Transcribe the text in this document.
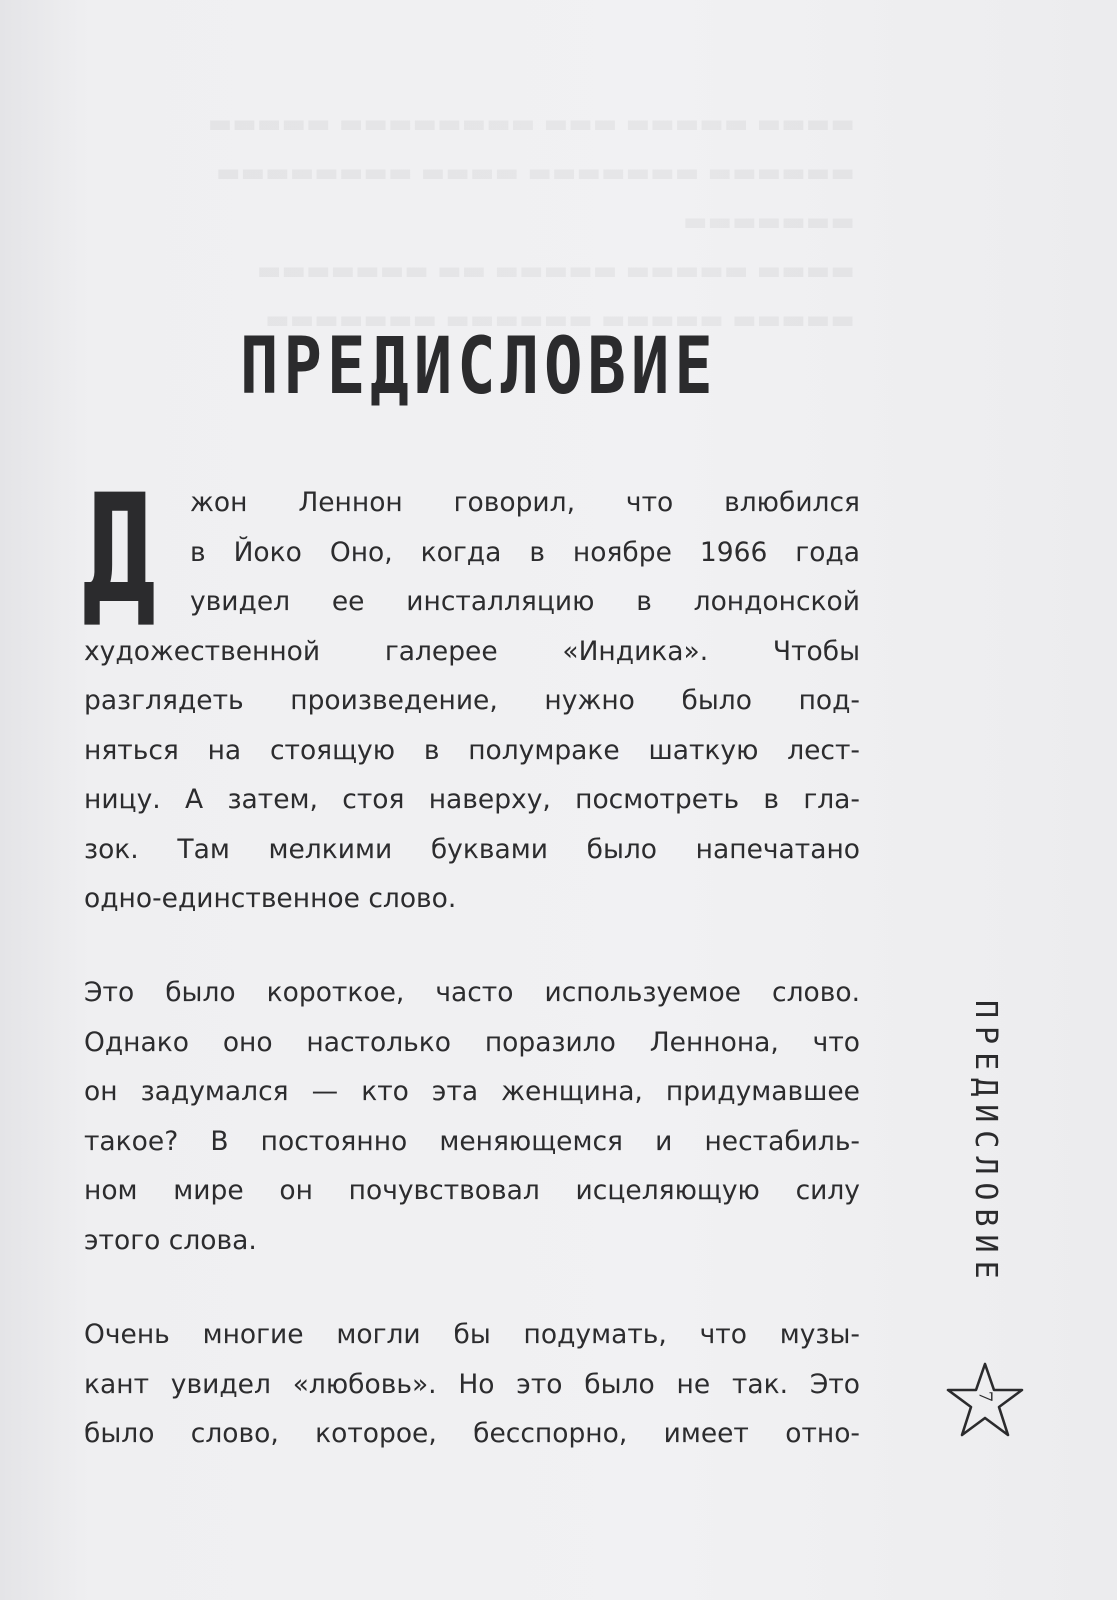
ПРЕДИСЛОВИЕ
Д	жон Леннон говорил, что влюбился
в Йоко Оно, когда в ноябре 1966 года
увидел ее инсталляцию в лондонской
художественной галерее «Индика». Чтобы
разглядеть произведение, нужно было под-
няться на стоящую в полумраке шаткую лест-
ницу. А затем, стоя наверху, посмотреть в гла-
зок. Там мелкими буквами было напечатано
одно-единственное слово.
Это было короткое, часто используемое слово.
Однако оно настолько поразило Леннона, что
он задумался — кто эта женщина, придумавшее
такое? В постоянно меняющемся и нестабиль-
ном мире он почувствовал исцеляющую силу
этого слова.
Очень многие могли бы подумать, что музы-
кант увидел «любовь». Но это было не так. Это
было слово, которое, бесспорно, имеет отно-
ПРЕДИСЛОВИЕ
7
